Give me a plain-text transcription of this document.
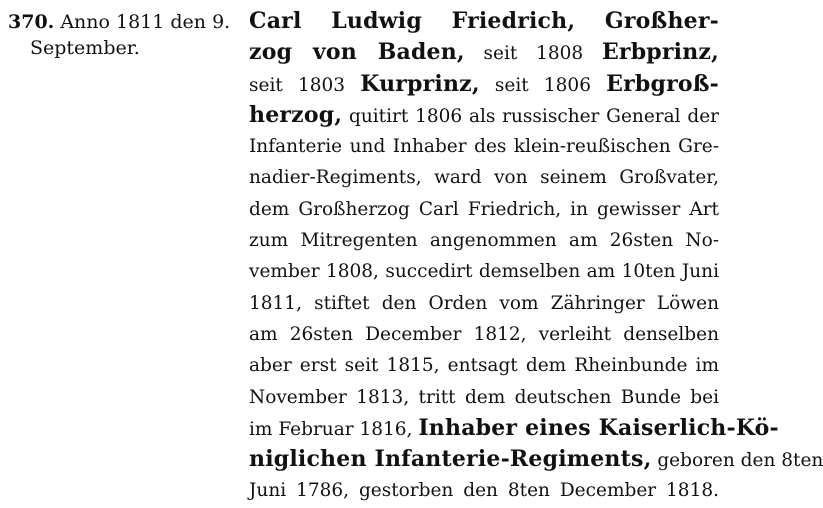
370. Anno 1811 den 9.
September.
Carl Ludwig Friedrich, Großher-
zog von Baden, seit 1808 Erbprinz,
seit 1803 Kurprinz, seit 1806 Erbgroß-
herzog, quitirt 1806 als russischer General der
Infanterie und Inhaber des klein-reußischen Gre-
nadier-Regiments, ward von seinem Großvater,
dem Großherzog Carl Friedrich, in gewisser Art
zum Mitregenten angenommen am 26sten No-
vember 1808, succedirt demselben am 10ten Juni
1811, stiftet den Orden vom Zähringer Löwen
am 26sten December 1812, verleiht denselben
aber erst seit 1815, entsagt dem Rheinbunde im
November 1813, tritt dem deutschen Bunde bei
im Februar 1816, Inhaber eines Kaiserlich-Kö-
niglichen Infanterie-Regiments, geboren den 8ten
Juni 1786, gestorben den 8ten December 1818.
